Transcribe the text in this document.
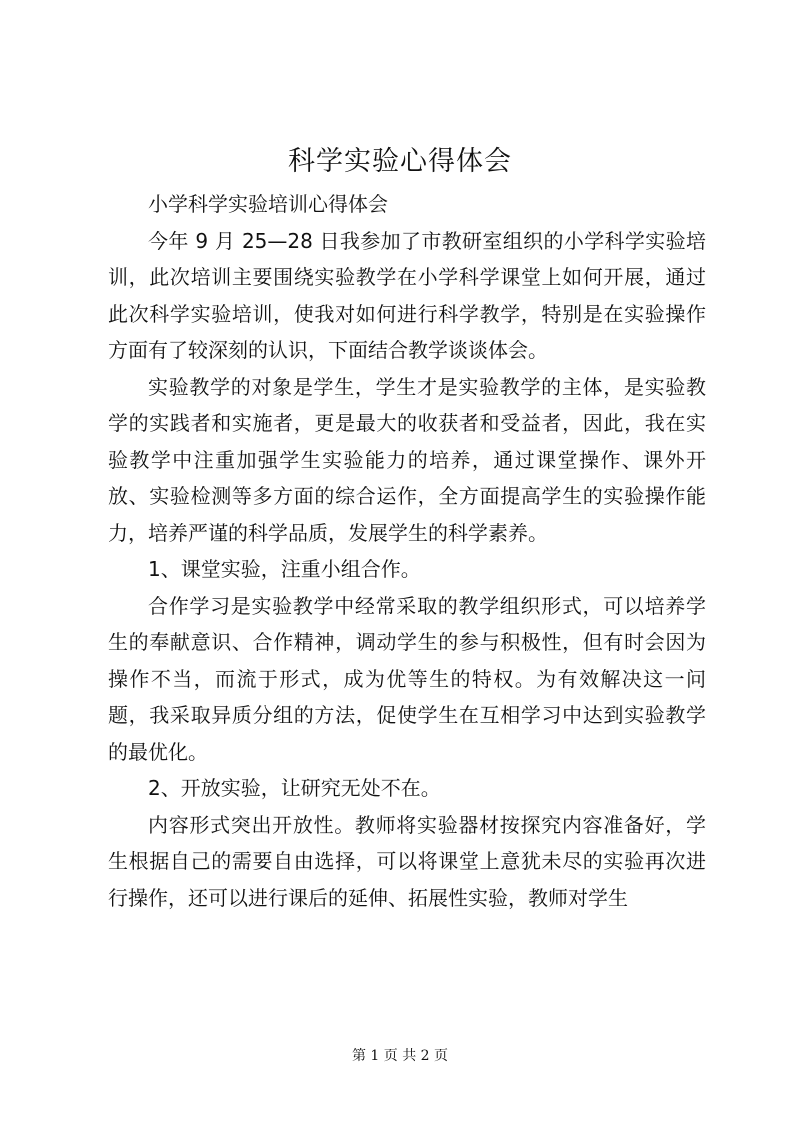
科学实验心得体会

小学科学实验培训心得体会

今年 9 月 25—28 日我参加了市教研室组织的小学科学实验培训，此次培训主要围绕实验教学在小学科学课堂上如何开展，通过此次科学实验培训，使我对如何进行科学教学，特别是在实验操作方面有了较深刻的认识，下面结合教学谈谈体会。

实验教学的对象是学生，学生才是实验教学的主体，是实验教学的实践者和实施者，更是最大的收获者和受益者，因此，我在实验教学中注重加强学生实验能力的培养，通过课堂操作、课外开放、实验检测等多方面的综合运作，全方面提高学生的实验操作能力，培养严谨的科学品质，发展学生的科学素养。

1、课堂实验，注重小组合作。

合作学习是实验教学中经常采取的教学组织形式，可以培养学生的奉献意识、合作精神，调动学生的参与积极性，但有时会因为操作不当，而流于形式，成为优等生的特权。为有效解决这一问题，我采取异质分组的方法，促使学生在互相学习中达到实验教学的最优化。

2、开放实验，让研究无处不在。

内容形式突出开放性。教师将实验器材按探究内容准备好，学生根据自己的需要自由选择，可以将课堂上意犹未尽的实验再次进行操作，还可以进行课后的延伸、拓展性实验，教师对学生

第 1 页 共 2 页
